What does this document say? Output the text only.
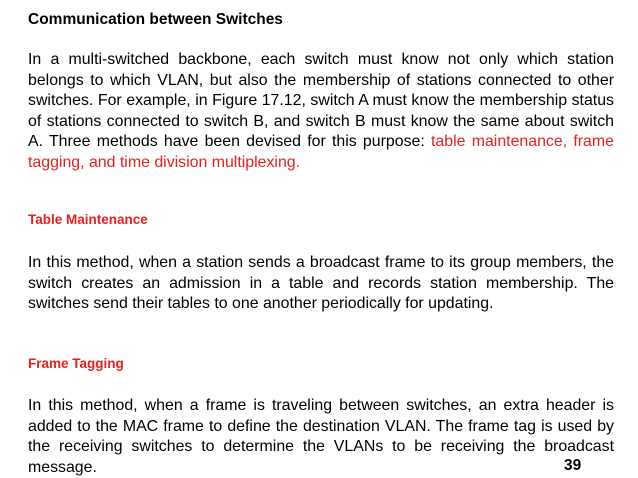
Communication between Switches

In a multi-switched backbone, each switch must know not only which station belongs to which VLAN, but also the membership of stations connected to other switches. For example, in Figure 17.12, switch A must know the membership status of stations connected to switch B, and switch B must know the same about switch A. Three methods have been devised for this purpose: table maintenance, frame tagging, and time division multiplexing.

Table Maintenance

In this method, when a station sends a broadcast frame to its group members, the switch creates an admission in a table and records station membership. The switches send their tables to one another periodically for updating.

Frame Tagging

In this method, when a frame is traveling between switches, an extra header is added to the MAC frame to define the destination VLAN. The frame tag is used by the receiving switches to determine the VLANs to be receiving the broadcast message.	39
